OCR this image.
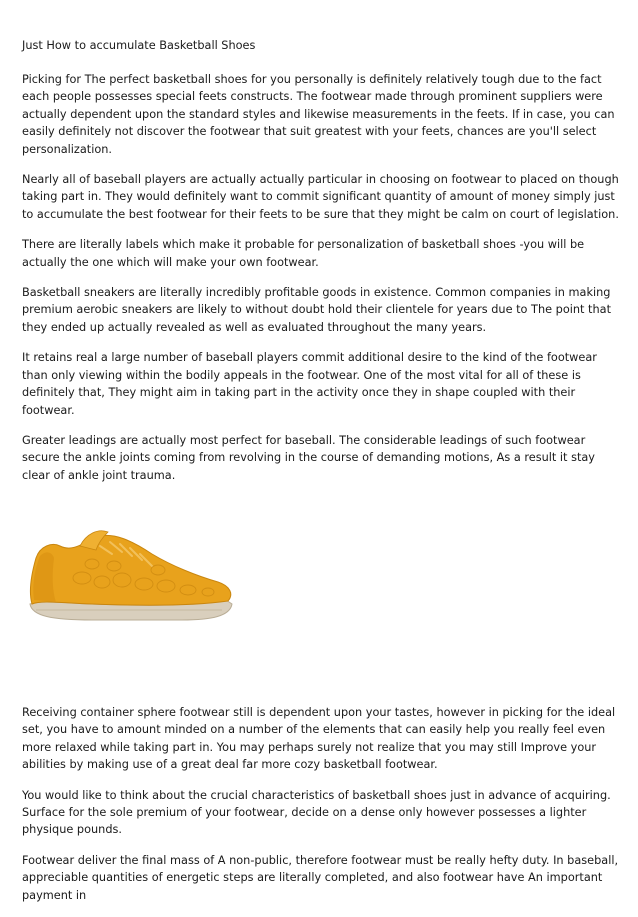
Just How to accumulate Basketball Shoes

Picking for The perfect basketball shoes for you personally is definitely relatively tough due to the fact each people possesses special feets constructs. The footwear made through prominent suppliers were actually dependent upon the standard styles and likewise measurements in the feets. If in case, you can easily definitely not discover the footwear that suit greatest with your feets, chances are you'll select personalization.

Nearly all of baseball players are actually actually particular in choosing on footwear to placed on though taking part in. They would definitely want to commit significant quantity of amount of money simply just to accumulate the best footwear for their feets to be sure that they might be calm on court of legislation.

There are literally labels which make it probable for personalization of basketball shoes -you will be actually the one which will make your own footwear.

Basketball sneakers are literally incredibly profitable goods in existence. Common companies in making premium aerobic sneakers are likely to without doubt hold their clientele for years due to The point that they ended up actually revealed as well as evaluated throughout the many years.

It retains real a large number of baseball players commit additional desire to the kind of the footwear than only viewing within the bodily appeals in the footwear. One of the most vital for all of these is definitely that, They might aim in taking part in the activity once they in shape coupled with their footwear.

Greater leadings are actually most perfect for baseball. The considerable leadings of such footwear secure the ankle joints coming from revolving in the course of demanding motions, As a result it stay clear of ankle joint trauma.

Receiving container sphere footwear still is dependent upon your tastes, however in picking for the ideal set, you have to amount minded on a number of the elements that can easily help you really feel even more relaxed while taking part in. You may perhaps surely not realize that you may still Improve your abilities by making use of a great deal far more cozy basketball footwear.

You would like to think about the crucial characteristics of basketball shoes just in advance of acquiring. Surface for the sole premium of your footwear, decide on a dense only however possesses a lighter physique pounds.

Footwear deliver the final mass of A non-public, therefore footwear must be really hefty duty. In baseball, appreciable quantities of energetic steps are literally completed, and also footwear have An important payment in
